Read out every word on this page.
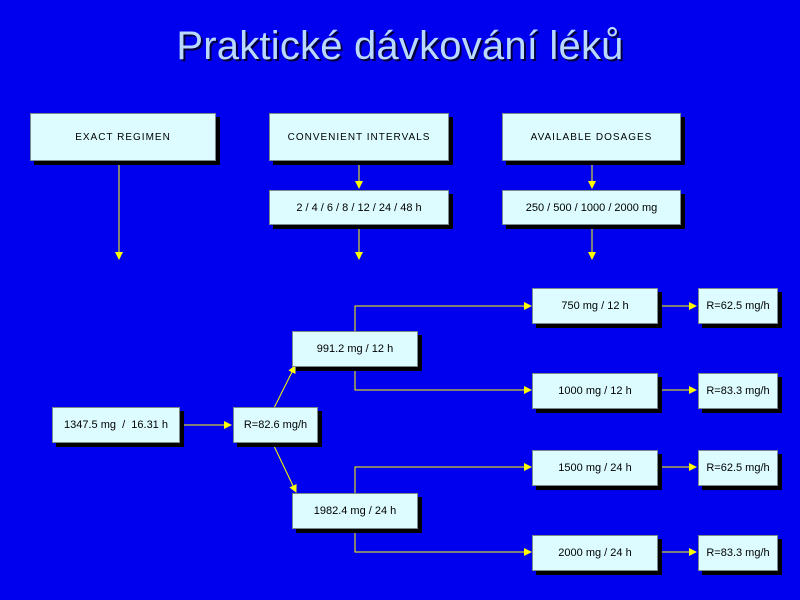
Praktické dávkování léků
EXACT REGIMEN	CONVENIENT INTERVALS	AVAILABLE DOSAGES
2 / 4 / 6 / 8 / 12 / 24 / 48 h	250 / 500 / 1000 / 2000 mg
1347.5 mg  /  16.31 h	R=82.6 mg/h
991.2 mg / 12 h
1982.4 mg / 24 h
750 mg / 12 h
1000 mg / 12 h
1500 mg / 24 h
2000 mg / 24 h
R=62.5 mg/h
R=83.3 mg/h
R=62.5 mg/h
R=83.3 mg/h
